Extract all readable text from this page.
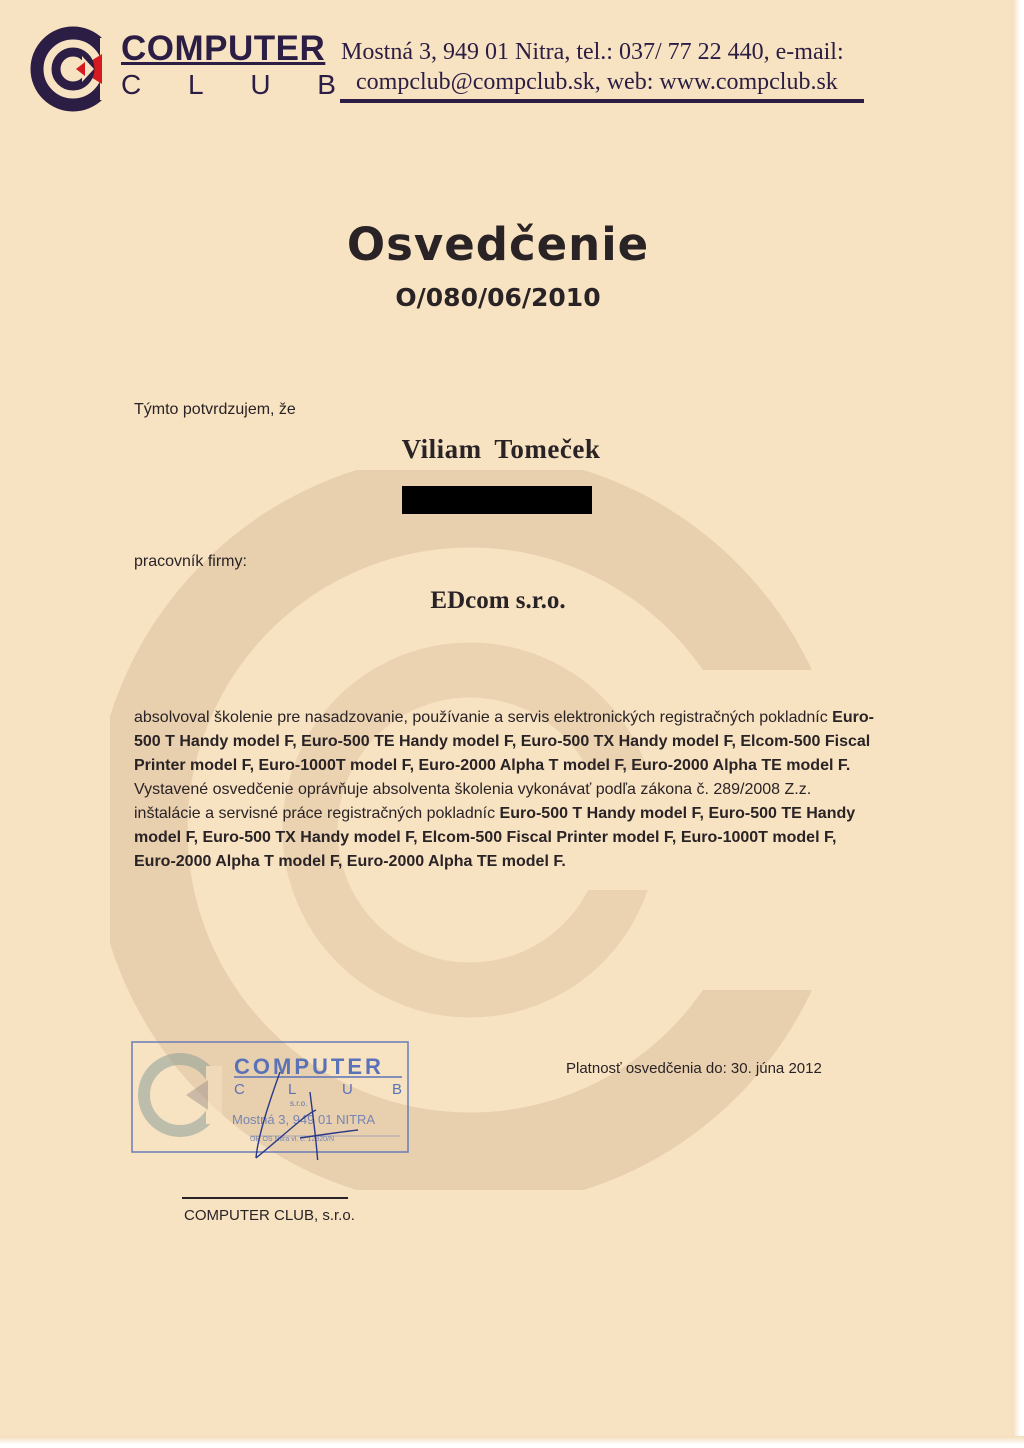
COMPUTER
C L U B
Mostná 3, 949 01 Nitra, tel.: 037/ 77 22 440, e-mail:
compclub@compclub.sk, web: www.compclub.sk
Osvedčenie
O/080/06/2010
Týmto potvrdzujem, že
Viliam Tomeček
pracovník firmy:
EDcom s.r.o.
absolvoval školenie pre nasadzovanie, používanie a servis elektronických registračných pokladníc Euro-500 T Handy model F, Euro-500 TE Handy model F, Euro-500 TX Handy model F, Elcom-500 Fiscal Printer model F, Euro-1000T model F, Euro-2000 Alpha T model F, Euro-2000 Alpha TE model F. Vystavené osvedčenie oprávňuje absolventa školenia vykonávať podľa zákona č. 289/2008 Z.z. inštalácie a servisné práce registračných pokladníc Euro-500 T Handy model F, Euro-500 TE Handy model F, Euro-500 TX Handy model F, Elcom-500 Fiscal Printer model F, Euro-1000T model F, Euro-2000 Alpha T model F, Euro-2000 Alpha TE model F.
COMPUTER
C	L	U	B
s.r.o.
Mostná 3, 949 01 NITRA
OR OS Nitra vl. č. 12920/N
Platnosť osvedčenia do: 30. júna 2012
COMPUTER CLUB, s.r.o.
